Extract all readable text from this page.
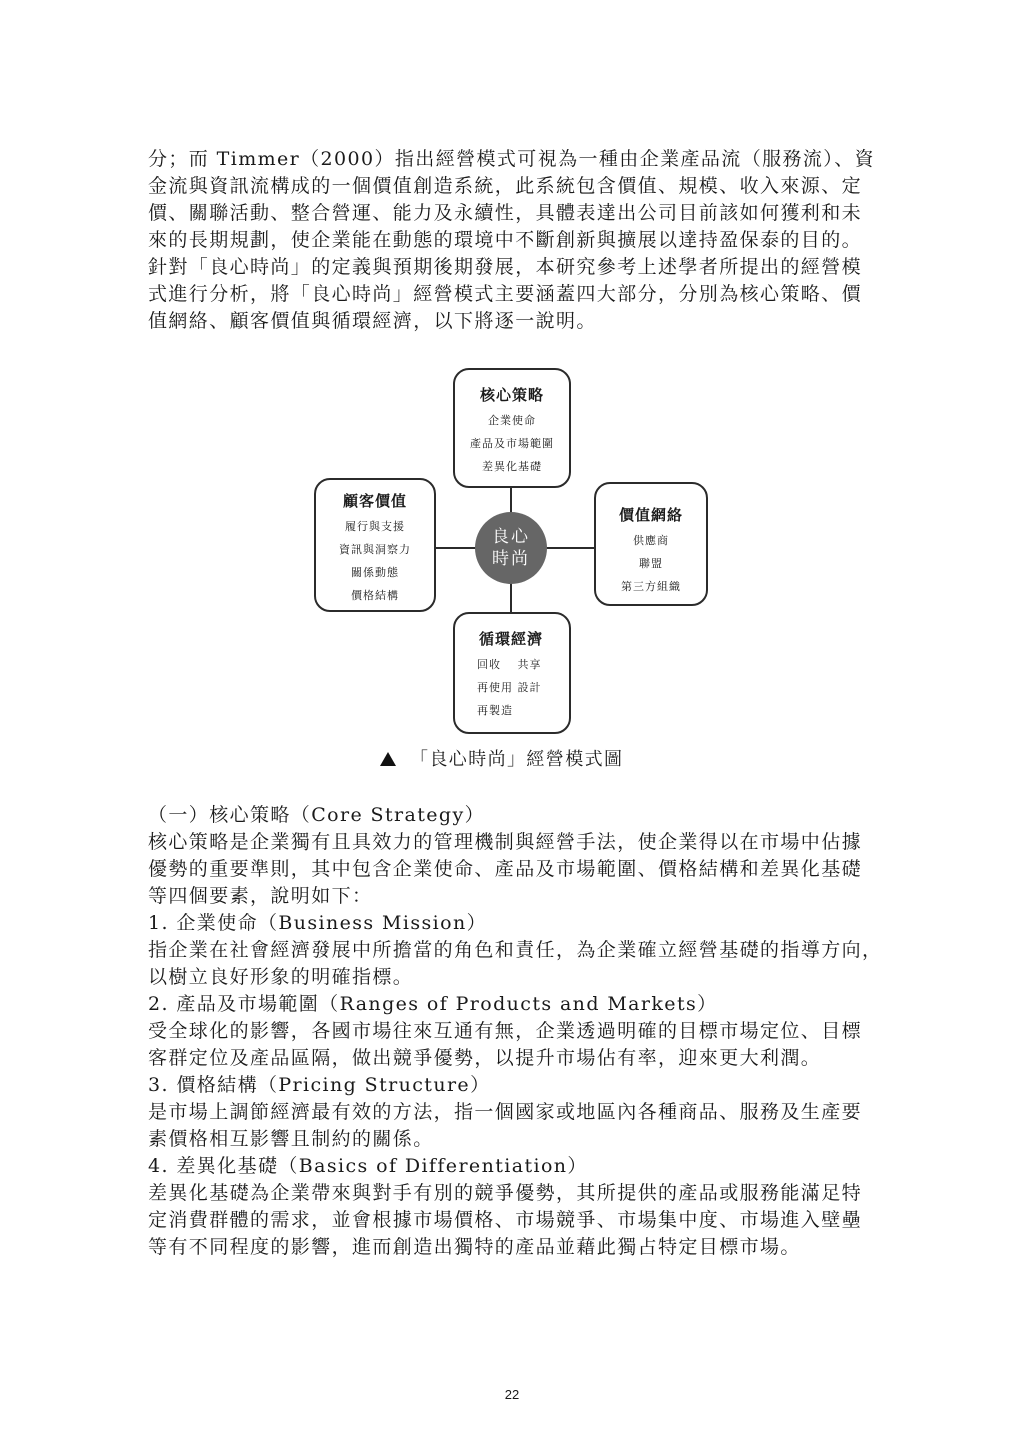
分；而 Timmer（2000）指出經營模式可視為一種由企業產品流（服務流）、資
金流與資訊流構成的一個價值創造系統，此系統包含價值、規模、收入來源、定
價、關聯活動、整合營運、能力及永續性，具體表達出公司目前該如何獲利和未
來的長期規劃，使企業能在動態的環境中不斷創新與擴展以達持盈保泰的目的。
針對「良心時尚」的定義與預期後期發展，本研究參考上述學者所提出的經營模
式進行分析，將「良心時尚」經營模式主要涵蓋四大部分，分別為核心策略、價
值網絡、顧客價值與循環經濟，以下將逐一說明。
核心策略
企業使命
產品及市場範圍
差異化基礎
顧客價值
履行與支援
資訊與洞察力
關係動態
價格結構
良心
時尚
價值網絡
供應商
聯盟
第三方組織
循環經濟
回收　 共享
再使用 設計
再製造
「良心時尚」經營模式圖
（一）核心策略（Core Strategy）
核心策略是企業獨有且具效力的管理機制與經營手法，使企業得以在市場中佔據
優勢的重要準則，其中包含企業使命、產品及市場範圍、價格結構和差異化基礎
等四個要素，說明如下：
1. 企業使命（Business Mission）
指企業在社會經濟發展中所擔當的角色和責任，為企業確立經營基礎的指導方向，
以樹立良好形象的明確指標。
2. 產品及市場範圍（Ranges of Products and Markets）
受全球化的影響，各國市場往來互通有無，企業透過明確的目標市場定位、目標
客群定位及產品區隔，做出競爭優勢，以提升市場佔有率，迎來更大利潤。
3. 價格結構（Pricing Structure）
是市場上調節經濟最有效的方法，指一個國家或地區內各種商品、服務及生產要
素價格相互影響且制約的關係。
4. 差異化基礎（Basics of Differentiation）
差異化基礎為企業帶來與對手有別的競爭優勢，其所提供的產品或服務能滿足特
定消費群體的需求，並會根據市場價格、市場競爭、市場集中度、市場進入壁壘
等有不同程度的影響，進而創造出獨特的產品並藉此獨占特定目標市場。
22
